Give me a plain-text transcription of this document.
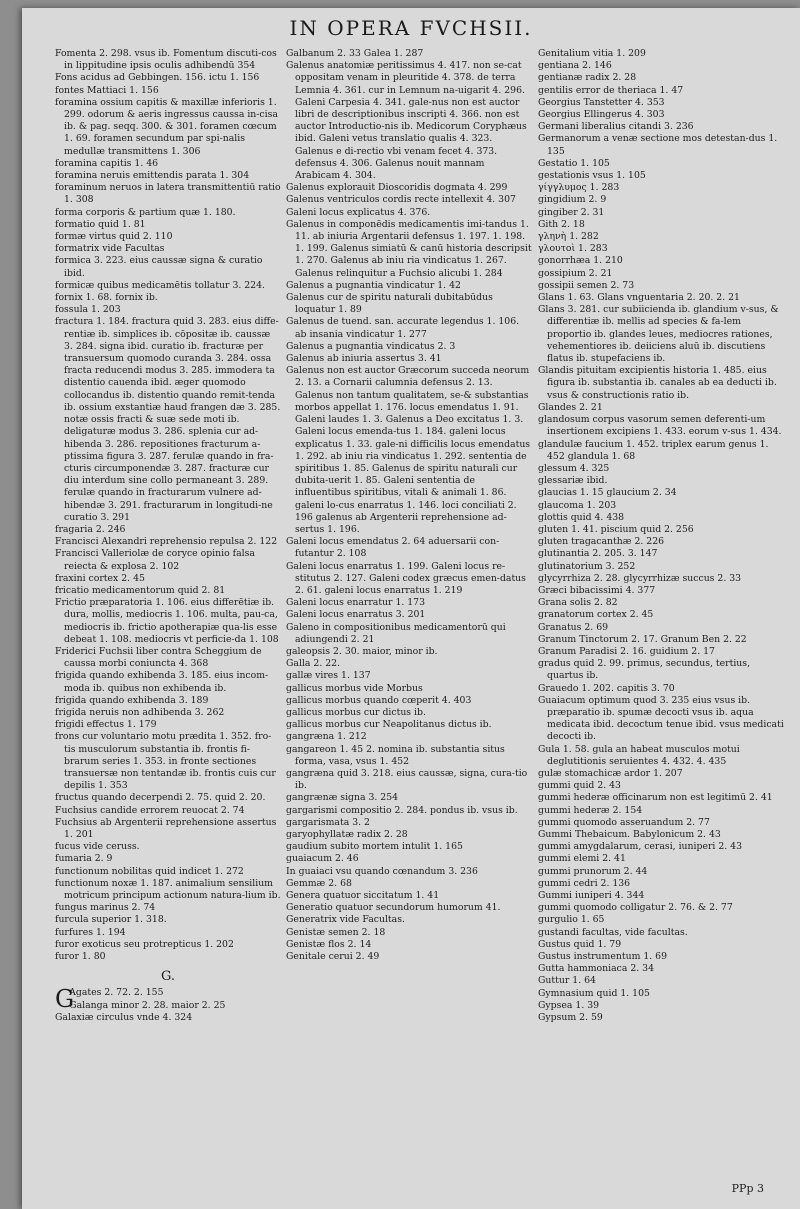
IN OPERA FVCHSII.
Fomenta 2. 298. vsus ib. Fomentum discuti-cos in lippitudine ipsis oculis adhibendū 354
Fons acidus ad Gebbingen. 156. ictu 1. 156
fontes Mattiaci 1. 156
foramina ossium capitis & maxillæ inferioris 1. 299. odorum & aeris ingressus caussa in-cisa ib. & pag. seqq. 300. & 301. foramen cœcum 1. 69. foramen secundum par spi-nalis medullæ transmittens 1. 306
foramina capitis 1. 46
foramina neruis emittendis parata 1. 304
foraminum neruos in latera transmittentiū ratio 1. 308
forma corporis & partium quæ 1. 180.
formatio quid 1. 81
formæ virtus quid 2. 110
formatrix vide Facultas
formica 3. 223. eius caussæ signa & curatio ibid.
formicæ quibus medicamētis tollatur 3. 224.
fornix 1. 68. fornix ib.
fossula 1. 203
fractura 1. 184. fractura quid 3. 283. eius diffe-rentiæ ib. simplices ib. cōpositæ ib. caussæ 3. 284. signa ibid. curatio ib. fracturæ per transuersum quomodo curanda 3. 284. ossa fracta reducendi modus 3. 285. immodera ta distentio cauenda ibid. æger quomodo collocandus ib. distentio quando remit-tenda ib. ossium exstantiæ haud frangen dæ 3. 285. notæ ossis fracti & suæ sede moti ib. deligaturæ modus 3. 286. splenia cur ad-hibenda 3. 286. repositiones fracturum a-ptissima figura 3. 287. ferulæ quando in fra-cturis circumponendæ 3. 287. fracturæ cur diu interdum sine collo permaneant 3. 289. ferulæ quando in fracturarum vulnere ad-hibendæ 3. 291. fracturarum in longitudi-ne curatio 3. 291
fragaria 2. 246
Francisci Alexandri reprehensio repulsa 2. 122
Francisci Valleriolæ de coryce opinio falsa reiecta & explosa 2. 102
fraxini cortex 2. 45
fricatio medicamentorum quid 2. 81
Frictio præparatoria 1. 106. eius differētiæ ib. dura, mollis, mediocris 1. 106. multa, pau-ca, mediocris ib. frictio apotherapiæ qua-lis esse debeat 1. 108. mediocris vt perficie-da 1. 108
Friderici Fuchsii liber contra Scheggium de caussa morbi coniuncta 4. 368
frigida quando exhibenda 3. 185. eius incom-moda ib. quibus non exhibenda ib.
frigida quando exhibenda 3. 189
frigida neruis non adhibenda 3. 262
frigidi effectus 1. 179
frons cur voluntario motu prædita 1. 352. fro-tis musculorum substantia ib. frontis fi-brarum series 1. 353. in fronte sectiones transuersæ non tentandæ ib. frontis cuis cur depilis 1. 353
fructus quando decerpendi 2. 75. quid 2. 20.
Fuchsius candide errorem reuocat 2. 74
Fuchsius ab Argenterii reprehensione assertus 1. 201
fucus vide ceruss.
fumaria 2. 9
functionum nobilitas quid indicet 1. 272
functionum noxæ 1. 187. animalium sensilium motricum principum actionum natura-lium ib.
fungus marinus 2. 74
furcula superior 1. 318.
furfures 1. 194
furor exoticus seu protrepticus 1. 202
furor 1. 80
G.
G
Agates 2. 72. 2. 155
Galanga minor 2. 28. maior 2. 25
Galaxiæ circulus vnde 4. 324
Galbanum 2. 33 Galea 1. 287
Galenus anatomiæ peritissimus 4. 417. non se-cat oppositam venam in pleuritide 4. 378. de terra Lemnia 4. 361. cur in Lemnum na-uigarit 4. 296. Galeni Carpesia 4. 341. gale-nus non est auctor libri de descriptionibus inscripti 4. 366. non est auctor Introductio-nis ib. Medicorum Coryphæus ibid. Galeni vetus translatio qualis 4. 323. Galenus e di-rectio vbi venam fecet 4. 373. defensus 4. 306. Galenus nouit mannam Arabicam 4. 304.
Galenus explorauit Dioscoridis dogmata 4. 299
Galenus ventriculos cordis recte intellexit 4. 307
Galeni locus explicatus 4. 376.
Galenus in componēdis medicamentis imi-tandus 1. 11. ab iniuria Argentarii defensus 1. 197. 1. 198. 1. 199. Galenus simiatū & canū historia descripsit 1. 270. Galenus ab iniu ria vindicatus 1. 267. Galenus relinquitur a Fuchsio alicubi 1. 284
Galenus a pugnantia vindicatur 1. 42
Galenus cur de spiritu naturali dubitabūdus loquatur 1. 89
Galenus de tuend. san. accurate legendus 1. 106. ab insania vindicatur 1. 277
Galenus a pugnantia vindicatus 2. 3
Galenus ab iniuria assertus 3. 41
Galenus non est auctor Græcorum succeda neorum 2. 13. a Cornarii calumnia defensus 2. 13. Galenus non tantum qualitatem, se-& substantias morbos appellat 1. 176. locus emendatus 1. 91. Galeni laudes 1. 3. Galenus a Deo excitatus 1. 3. Galeni locus emenda-tus 1. 184. galeni locus explicatus 1. 33. gale-ni difficilis locus emendatus 1. 292. ab iniu ria vindicatus 1. 292. sententia de spiritibus 1. 85. Galenus de spiritu naturali cur dubita-uerit 1. 85. Galeni sententia de influentibus spiritibus, vitali & animali 1. 86. galeni lo-cus enarratus 1. 146. loci conciliati 2. 196 galenus ab Argenterii reprehensione ad-sertus 1. 196.
Galeni locus emendatus 2. 64 aduersarii con-futantur 2. 108
Galeni locus enarratus 1. 199. Galeni locus re-stitutus 2. 127. Galeni codex græcus emen-datus 2. 61. galeni locus enarratus 1. 219
Galeni locus enarratur 1. 173
Galeni locus enarratus 3. 201
Galeno in compositionibus medicamentorū qui adiungendi 2. 21
galeopsis 2. 30. maior, minor ib.
Galla 2. 22.
gallæ vires 1. 137
gallicus morbus vide Morbus
gallicus morbus quando cœperit 4. 403
gallicus morbus cur dictus ib.
gallicus morbus cur Neapolitanus dictus ib.
gangræna 1. 212
gangareon 1. 45 2. nomina ib. substantia situs forma, vasa, vsus 1. 452
gangræna quid 3. 218. eius caussæ, signa, cura-tio ib.
gangrænæ signa 3. 254
gargarismi compositio 2. 284. pondus ib. vsus ib.
gargarismata 3. 2
garyophyllatæ radix 2. 28
gaudium subito mortem intulit 1. 165
guaiacum 2. 46
In guaiaci vsu quando cœnandum 3. 236
Gemmæ 2. 68
Genera quatuor siccitatum 1. 41
Generatio quatuor secundorum humorum 41.
Generatrix vide Facultas.
Genistæ semen 2. 18
Genistæ flos 2. 14
Genitale cerui 2. 49
Genitalium vitia 1. 209
gentiana 2. 146
gentianæ radix 2. 28
gentilis error de theriaca 1. 47
Georgius Tanstetter 4. 353
Georgius Ellingerus 4. 303
Germani liberalius citandi 3. 236
Germanorum a venæ sectione mos detestan-dus 1. 135
Gestatio 1. 105
gestationis vsus 1. 105
γίγγλυμος 1. 283
gingidium 2. 9
gingiber 2. 31
Gith 2. 18
γληνὴ 1. 282
γλουτοὶ 1. 283
gonorrhæa 1. 210
gossipium 2. 21
gossipii semen 2. 73
Glans 1. 63. Glans vnguentaria 2. 20. 2. 21
Glans 3. 281. cur subiicienda ib. glandium v-sus, & differentiæ ib. mellis ad species & fa-lem proportio ib. glandes leues, mediocres rationes, vehementiores ib. deiiciens aluū ib. discutiens flatus ib. stupefaciens ib.
Glandis pituitam excipientis historia 1. 485. eius figura ib. substantia ib. canales ab ea deducti ib. vsus & constructionis ratio ib.
Glandes 2. 21
glandosum corpus vasorum semen deferenti-um insertionem excipiens 1. 433. eorum v-sus 1. 434.
glandulæ faucium 1. 452. triplex earum genus 1. 452 glandula 1. 68
glessum 4. 325
glessariæ ibid.
glaucias 1. 15 glaucium 2. 34
glaucoma 1. 203
glottis quid 4. 438
gluten 1. 41. piscium quid 2. 256
gluten tragacanthæ 2. 226
glutinantia 2. 205. 3. 147
glutinatorium 3. 252
glycyrrhiza 2. 28. glycyrrhizæ succus 2. 33
Græci bibacissimi 4. 377
Grana solis 2. 82
granatorum cortex 2. 45
Granatus 2. 69
Granum Tinctorum 2. 17. Granum Ben 2. 22
Granum Paradisi 2. 16. guidium 2. 17
gradus quid 2. 99. primus, secundus, tertius, quartus ib.
Grauedo 1. 202. capitis 3. 70
Guaiacum optimum quod 3. 235 eius vsus ib. præparatio ib. spumæ decocti vsus ib. aqua medicata ibid. decoctum tenue ibid. vsus medicati decocti ib.
Gula 1. 58. gula an habeat musculos motui deglutitionis seruientes 4. 432. 4. 435
gulæ stomachicæ ardor 1. 207
gummi quid 2. 43
gummi hederæ officinarum non est legitimū 2. 41
gummi hederæ 2. 154
gummi quomodo asseruandum 2. 77
Gummi Thebaicum. Babylonicum 2. 43
gummi amygdalarum, cerasi, iuniperi 2. 43
gummi elemi 2. 41
gummi prunorum 2. 44
gummi cedri 2. 136
Gummi iuniperi 4. 344
gummi quomodo colligatur 2. 76. & 2. 77
gurgulio 1. 65
gustandi facultas, vide facultas.
Gustus quid 1. 79
Gustus instrumentum 1. 69
Gutta hammoniaca 2. 34
Guttur 1. 64
Gymnasium quid 1. 105
Gypsea 1. 39
Gypsum 2. 59
PPp 3
